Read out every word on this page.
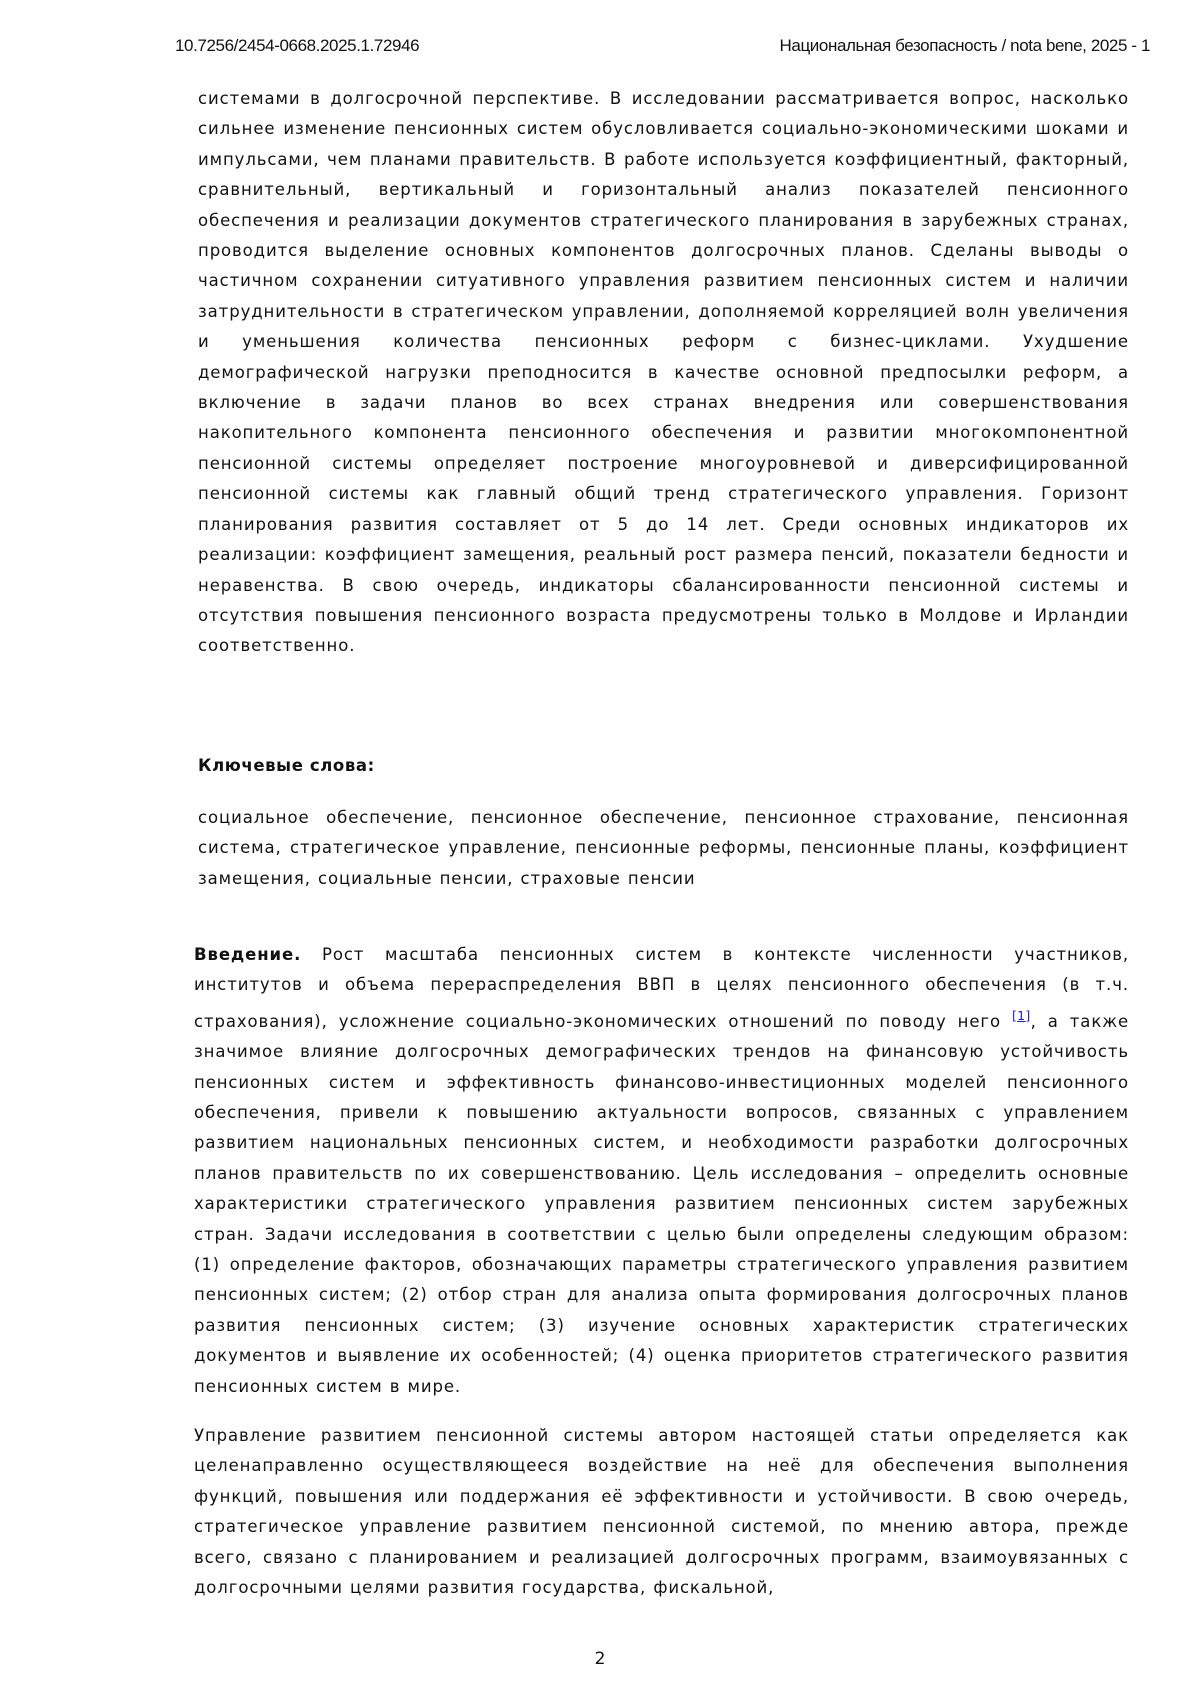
10.7256/2454-0668.2025.1.72946	Национальная безопасность / nota bene, 2025 - 1

системами в долгосрочной перспективе. В исследовании рассматривается вопрос, насколько сильнее изменение пенсионных систем обусловливается социально-экономическими шоками и импульсами, чем планами правительств. В работе используется коэффициентный, факторный, сравнительный, вертикальный и горизонтальный анализ показателей пенсионного обеспечения и реализации документов стратегического планирования в зарубежных странах, проводится выделение основных компонентов долгосрочных планов. Сделаны выводы о частичном сохранении ситуативного управления развитием пенсионных систем и наличии затруднительности в стратегическом управлении, дополняемой корреляцией волн увеличения и уменьшения количества пенсионных реформ с бизнес-циклами. Ухудшение демографической нагрузки преподносится в качестве основной предпосылки реформ, а включение в задачи планов во всех странах внедрения или совершенствования накопительного компонента пенсионного обеспечения и развитии многокомпонентной пенсионной системы определяет построение многоуровневой и диверсифицированной пенсионной системы как главный общий тренд стратегического управления. Горизонт планирования развития составляет от 5 до 14 лет. Среди основных индикаторов их реализации: коэффициент замещения, реальный рост размера пенсий, показатели бедности и неравенства. В свою очередь, индикаторы сбалансированности пенсионной системы и отсутствия повышения пенсионного возраста предусмотрены только в Молдове и Ирландии соответственно.

Ключевые слова:

социальное обеспечение, пенсионное обеспечение, пенсионное страхование, пенсионная система, стратегическое управление, пенсионные реформы, пенсионные планы, коэффициент замещения, социальные пенсии, страховые пенсии

Введение. Рост масштаба пенсионных систем в контексте численности участников, институтов и объема перераспределения ВВП в целях пенсионного обеспечения (в т.ч. страхования), усложнение социально-экономических отношений по поводу него [1], а также значимое влияние долгосрочных демографических трендов на финансовую устойчивость пенсионных систем и эффективность финансово-инвестиционных моделей пенсионного обеспечения, привели к повышению актуальности вопросов, связанных с управлением развитием национальных пенсионных систем, и необходимости разработки долгосрочных планов правительств по их совершенствованию. Цель исследования – определить основные характеристики стратегического управления развитием пенсионных систем зарубежных стран. Задачи исследования в соответствии с целью были определены следующим образом: (1) определение факторов, обозначающих параметры стратегического управления развитием пенсионных систем; (2) отбор стран для анализа опыта формирования долгосрочных планов развития пенсионных систем; (3) изучение основных характеристик стратегических документов и выявление их особенностей; (4) оценка приоритетов стратегического развития пенсионных систем в мире.

Управление развитием пенсионной системы автором настоящей статьи определяется как целенаправленно осуществляющееся воздействие на неё для обеспечения выполнения функций, повышения или поддержания её эффективности и устойчивости. В свою очередь, стратегическое управление развитием пенсионной системой, по мнению автора, прежде всего, связано с планированием и реализацией долгосрочных программ, взаимоувязанных с долгосрочными целями развития государства, фискальной,

2
